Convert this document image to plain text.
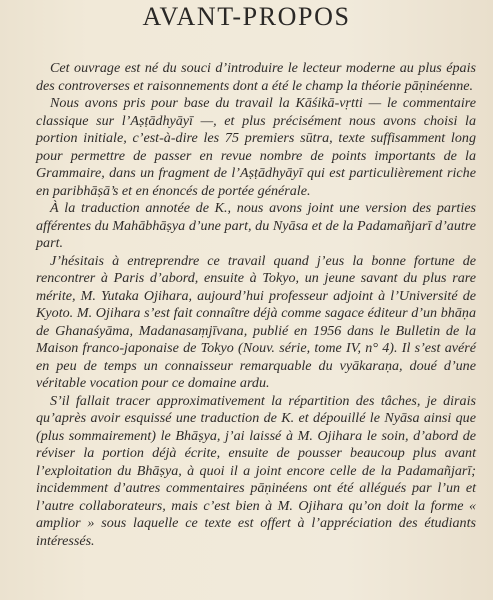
AVANT-PROPOS

Cet ouvrage est né du souci d’introduire le lecteur moderne au plus épais des controverses et raisonnements dont a été le champ la théorie pāṇinéenne.

Nous avons pris pour base du travail la Kāśikā-vṛtti — le commentaire classique sur l’Aṣṭādhyāyī —, et plus précisément nous avons choisi la portion initiale, c’est-à-dire les 75 premiers sūtra, texte suffisamment long pour permettre de passer en revue nombre de points importants de la Grammaire, dans un fragment de l’Aṣṭādhyāyī qui est particulièrement riche en paribhāṣā’s et en énoncés de portée générale.

À la traduction annotée de K., nous avons joint une version des parties afférentes du Mahābhāṣya d’une part, du Nyāsa et de la Padamañjarī d’autre part.

J’hésitais à entreprendre ce travail quand j’eus la bonne fortune de rencontrer à Paris d’abord, ensuite à Tokyo, un jeune savant du plus rare mérite, M. Yutaka Ojihara, aujourd’hui professeur adjoint à l’Université de Kyoto. M. Ojihara s’est fait connaître déjà comme sagace éditeur d’un bhāṇa de Ghanaśyāma, Madanasaṃjīvana, publié en 1956 dans le Bulletin de la Maison franco-japonaise de Tokyo (Nouv. série, tome IV, n° 4). Il s’est avéré en peu de temps un connaisseur remarquable du vyākaraṇa, doué d’une véritable vocation pour ce domaine ardu.

S’il fallait tracer approximativement la répartition des tâches, je dirais qu’après avoir esquissé une traduction de K. et dépouillé le Nyāsa ainsi que (plus sommairement) le Bhāṣya, j’ai laissé à M. Ojihara le soin, d’abord de réviser la portion déjà écrite, ensuite de pousser beaucoup plus avant l’exploitation du Bhāṣya, à quoi il a joint encore celle de la Padamañjarī; incidemment d’autres commentaires pāṇinéens ont été allégués par l’un et l’autre collaborateurs, mais c’est bien à M. Ojihara qu’on doit la forme « amplior » sous laquelle ce texte est offert à l’appréciation des étudiants intéressés.
